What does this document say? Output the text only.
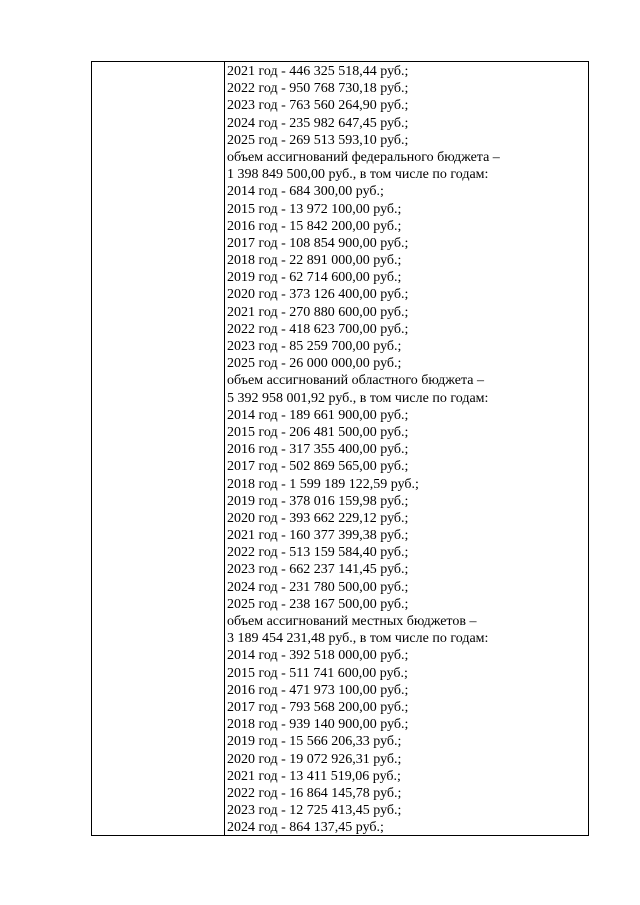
2021 год - 446 325 518,44 руб.;
2022 год - 950 768 730,18 руб.;
2023 год - 763 560 264,90 руб.;
2024 год - 235 982 647,45 руб.;
2025 год - 269 513 593,10 руб.;
объем ассигнований федерального бюджета –
1 398 849 500,00 руб., в том числе по годам:
2014 год - 684 300,00 руб.;
2015 год - 13 972 100,00 руб.;
2016 год - 15 842 200,00 руб.;
2017 год - 108 854 900,00 руб.;
2018 год - 22 891 000,00 руб.;
2019 год - 62 714 600,00 руб.;
2020 год - 373 126 400,00 руб.;
2021 год - 270 880 600,00 руб.;
2022 год - 418 623 700,00 руб.;
2023 год - 85 259 700,00 руб.;
2025 год - 26 000 000,00 руб.;
объем ассигнований областного бюджета –
5 392 958 001,92 руб., в том числе по годам:
2014 год - 189 661 900,00 руб.;
2015 год - 206 481 500,00 руб.;
2016 год - 317 355 400,00 руб.;
2017 год - 502 869 565,00 руб.;
2018 год - 1 599 189 122,59 руб.;
2019 год - 378 016 159,98 руб.;
2020 год - 393 662 229,12 руб.;
2021 год - 160 377 399,38 руб.;
2022 год - 513 159 584,40 руб.;
2023 год - 662 237 141,45 руб.;
2024 год - 231 780 500,00 руб.;
2025 год - 238 167 500,00 руб.;
объем ассигнований местных бюджетов –
3 189 454 231,48 руб., в том числе по годам:
2014 год - 392 518 000,00 руб.;
2015 год - 511 741 600,00 руб.;
2016 год - 471 973 100,00 руб.;
2017 год - 793 568 200,00 руб.;
2018 год - 939 140 900,00 руб.;
2019 год - 15 566 206,33 руб.;
2020 год - 19 072 926,31 руб.;
2021 год - 13 411 519,06 руб.;
2022 год - 16 864 145,78 руб.;
2023 год - 12 725 413,45 руб.;
2024 год - 864 137,45 руб.;
